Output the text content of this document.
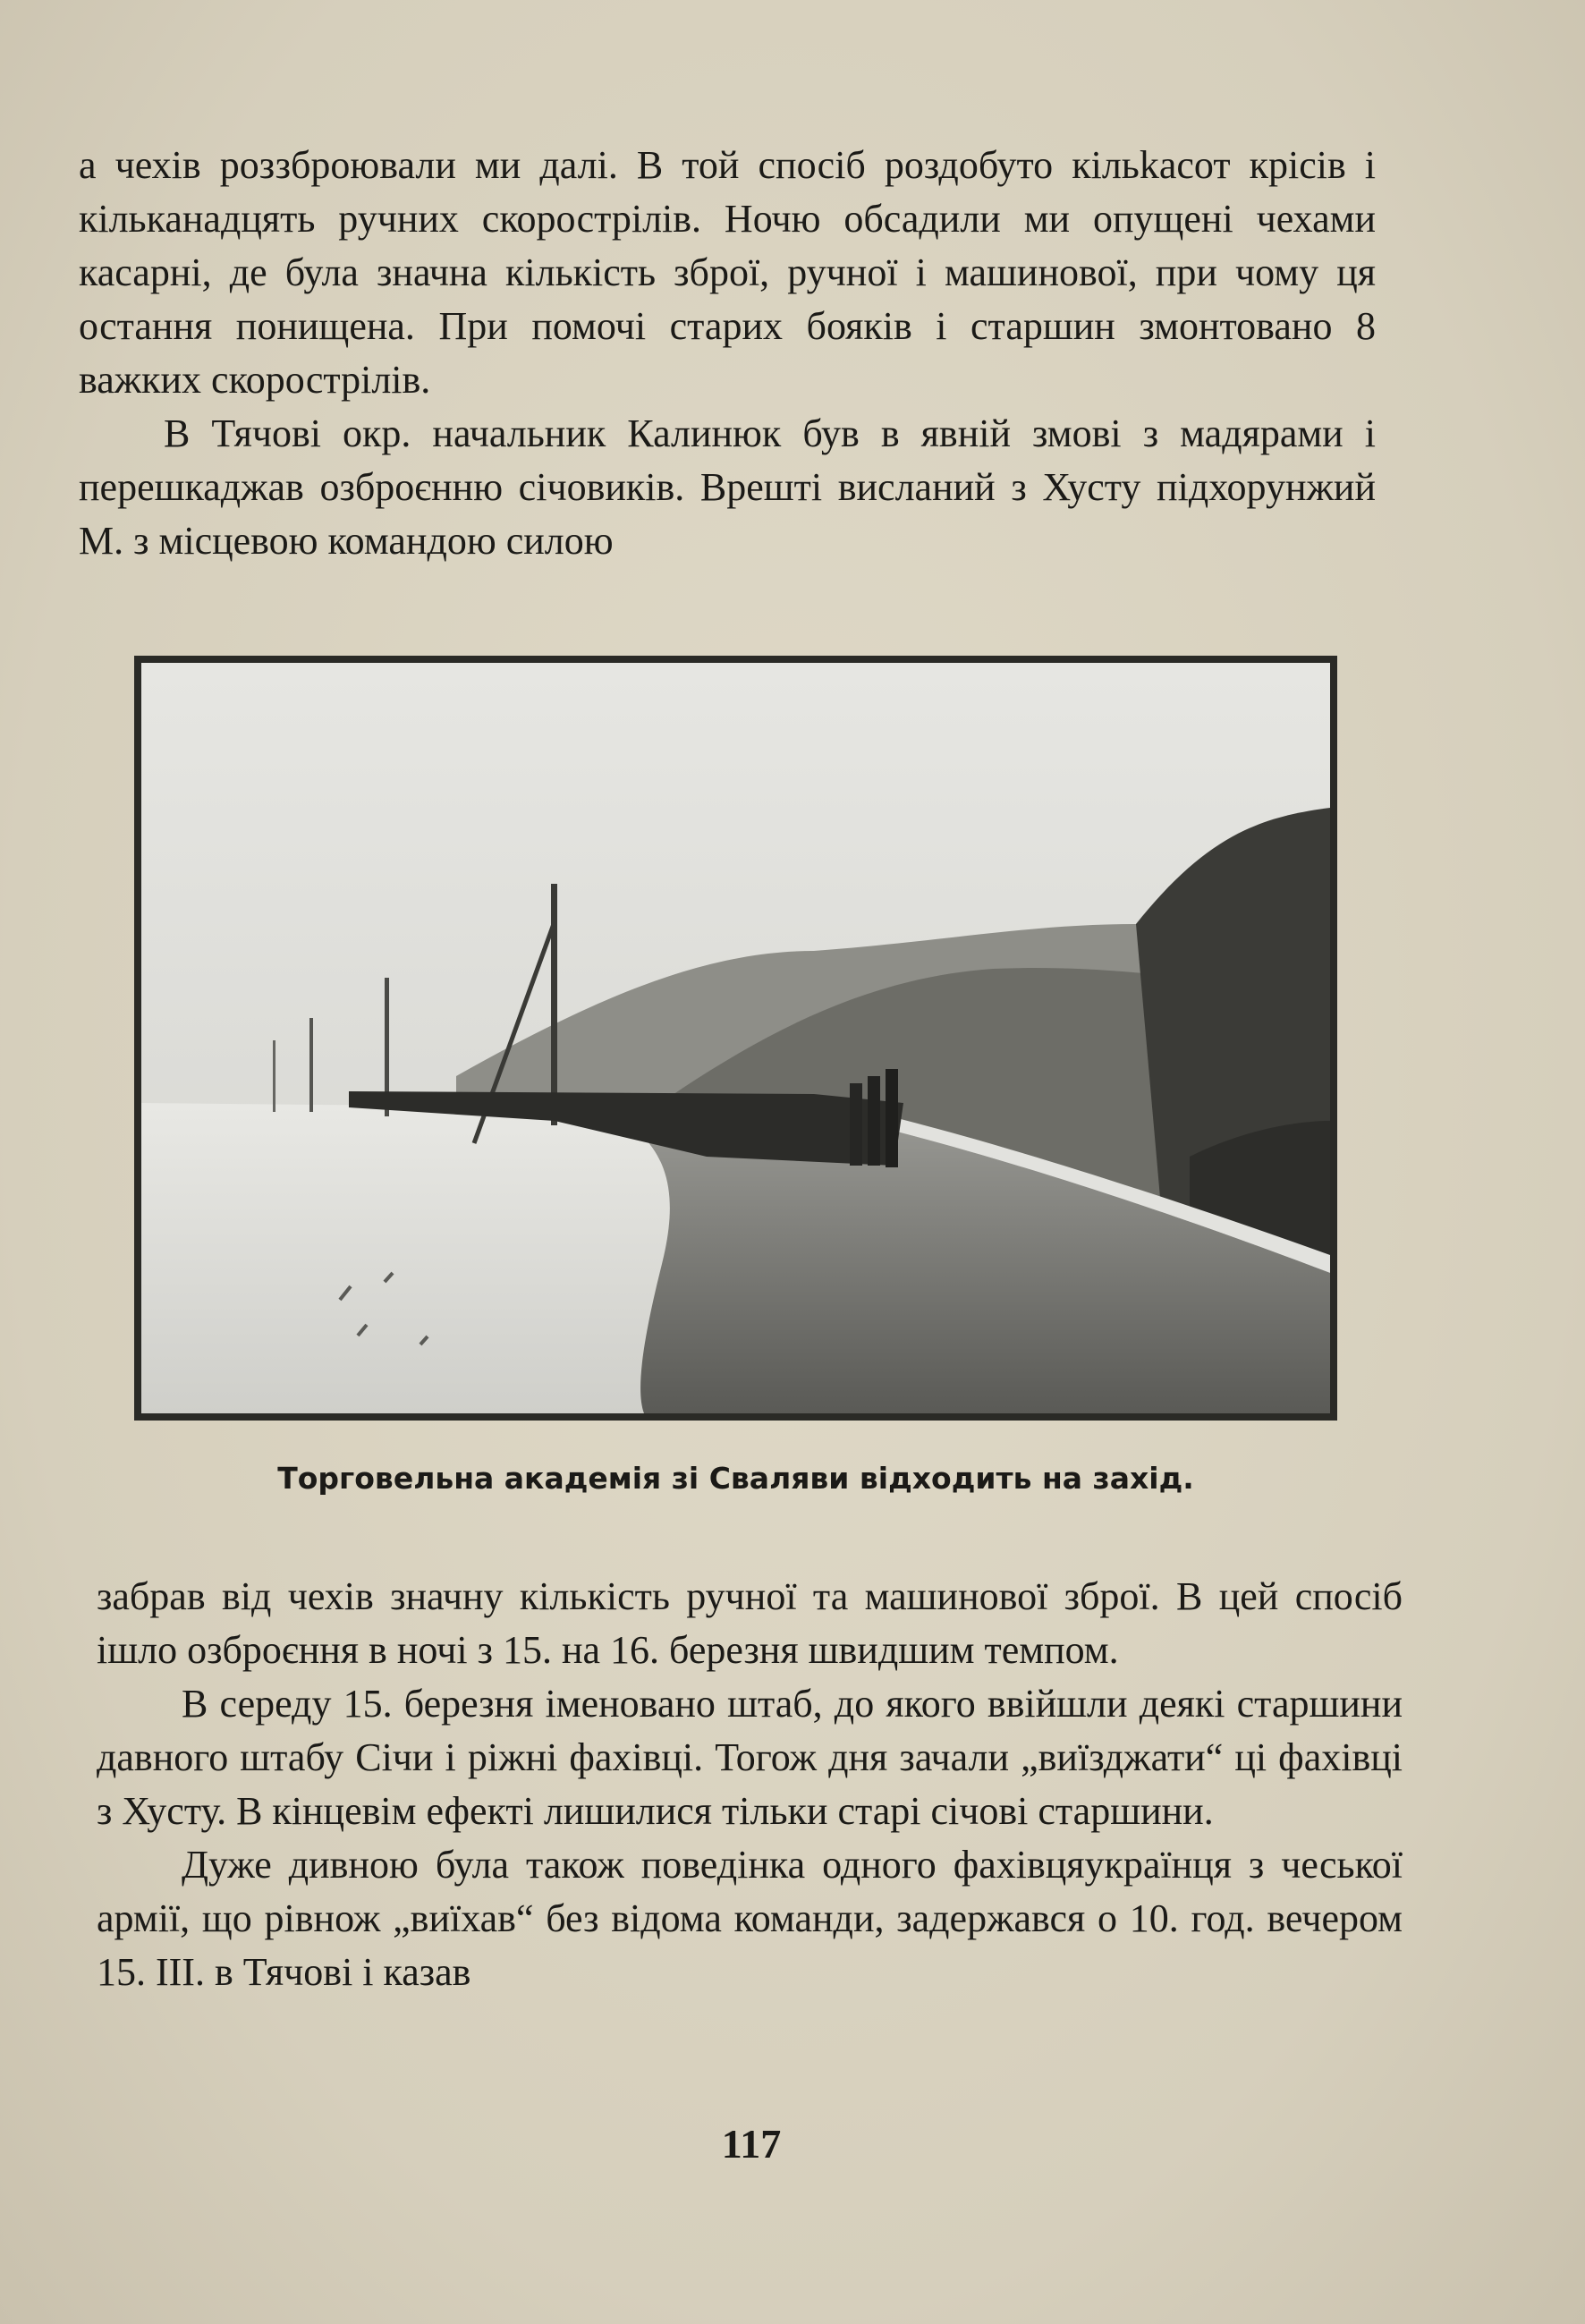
а чехів роззброювали ми далі. В той спосіб роздобуто кільkасот крісів і кільканадцять ручних скорострілів. Ночю обсадили ми опущені чехами касарні, де була значна кількість зброї, ручної і машинової, при чому ця остання понищена. При помочі старих бояків і старшин змонтовано 8 важких скорострілів.

В Тячові окр. начальник Калинюк був в явній змові з мадярами і перешкаджав озброєнню січовиків. Врешті висланий з Хусту підхорунжий М. з місцевою командою силою

Торговельна академія зі Сваляви відходить на захід.

забрав від чехів значну кількість ручної та машинової зброї. В цей спосіб ішло озброєння в ночі з 15. на 16. березня швидшим темпом.

В середу 15. березня іменовано штаб, до якого ввійшли деякі старшини давного штабу Січи і ріжні фахівці. Тогож дня зачали „виїзджати“ ці фахівці з Хусту. В кінцевім ефекті лишилися тільки старі січові старшини.

Дуже дивною була також поведінка одного фахівцяукраїнця з чеської армії, що рівнож „виїхав“ без відома команди, задержався о 10. год. вечером 15. III. в Тячові і казав

117
